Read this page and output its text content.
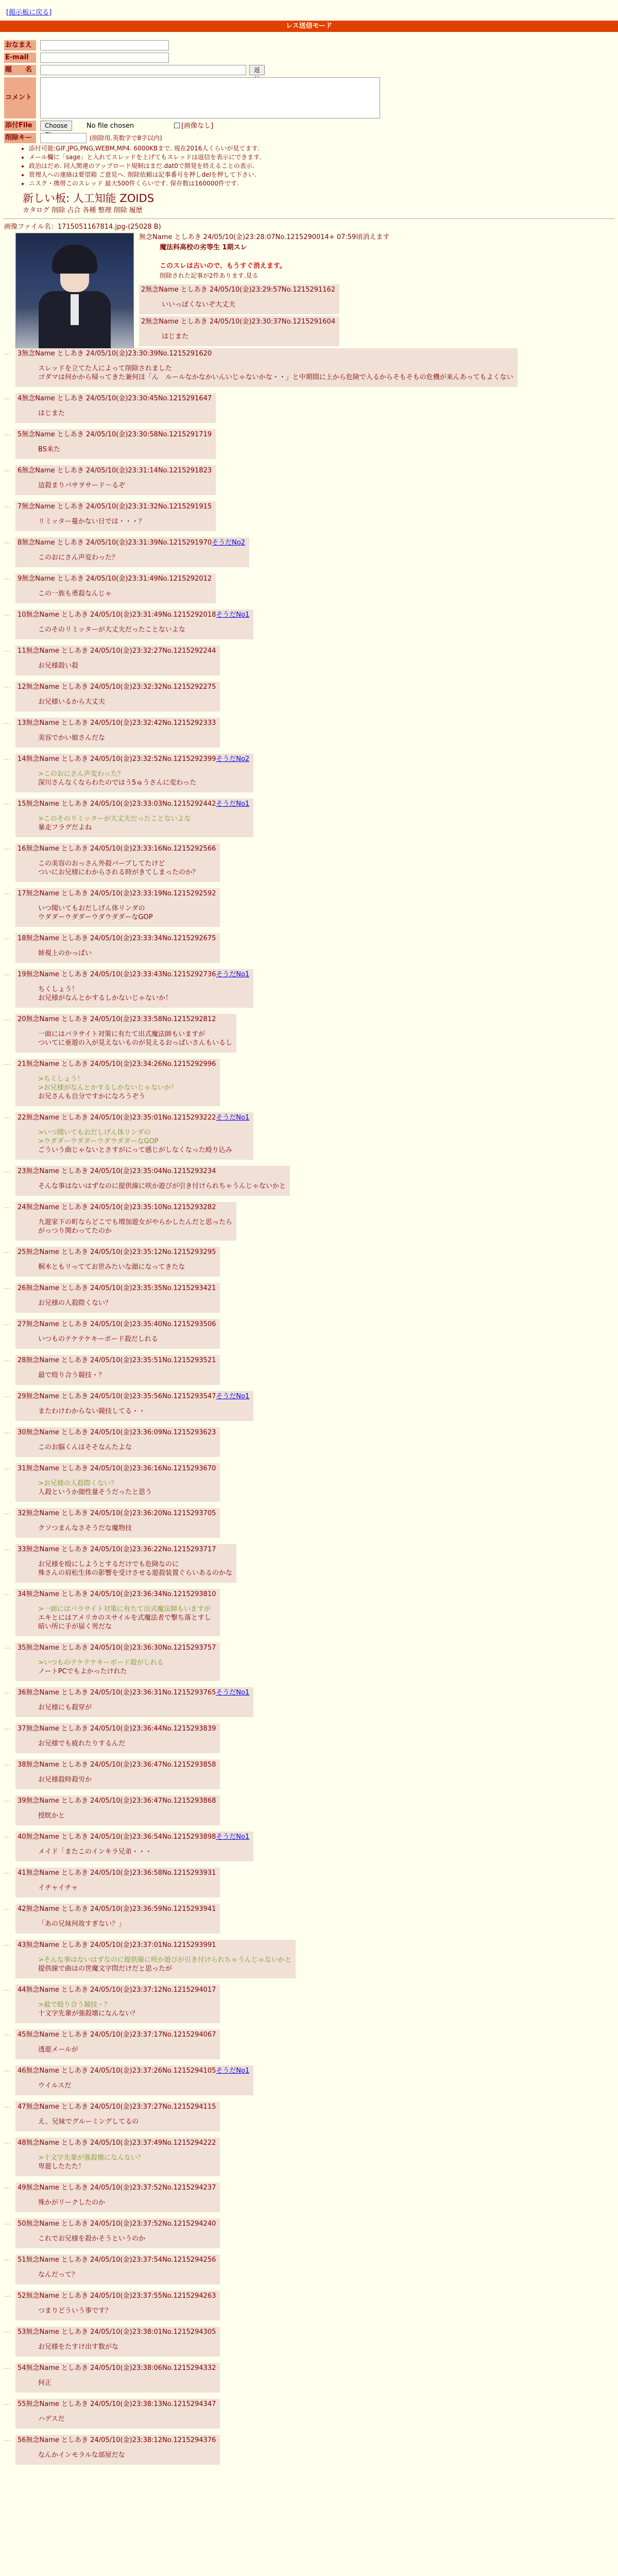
[掲示板に戻る]
レス送信モード
おなまえ
E-mail
題　　名	返
コメント
添付File	Choose	No file chosen	[画像なし]
削除キー	(削除用.英数字で8字以内)
• 添付可能:GIF,JPG,PNG,WEBM,MP4. 6000KBまで. 現在2016人くらいが見てます.
• メール欄に「sage」と入れてスレッドを上げてもスレッドは返信を表示にできます.
• 政治はだめ. 同人関連のアップロード規制はまだ.dat0で開発を終えることの表示.
• 管理人への連絡は要望箱 ご意見へ. 削除依頼は記事番号を押しdelを押して下さい.
• ニスク・携帯このスレッド 最大500件くらいです. 保存数は160000件です.
新しい板: 人工知能 ZOIDS
カタログ 削除 占合 各種 整理 削除 履歴
画像ファイル名：1715051167814.jpg-(25028 B)
無念Name としあき 24/05/10(金)23:28:07No.1215290014+ 07:59頃消えます
魔法科高校の劣等生 1期スレ
このスレは古いので、もうすぐ消えます。
削除された記事が2件あります.見る
2無念Name としあき 24/05/10(金)23:29:57No.1215291162
いいっぽくないぞ大丈夫
2無念Name としあき 24/05/10(金)23:30:37No.1215291604
はじまた
… 3無念Name としあき 24/05/10(金)23:30:39No.1215291620
スレッドを立てた人によって削除されました
ゴダマは何かから帰ってきた兼何ほ「ん　ルールなかなかいんいじゃないかな・・」と中期間に上から危険で入るからそもそもの危機が来んあってもよくない
… 4無念Name としあき 24/05/10(金)23:30:45No.1215291647
はじまた
… 5無念Name としあき 24/05/10(金)23:30:58No.1215291719
BS来た
… 6無念Name としあき 24/05/10(金)23:31:14No.1215291823
這殺まりパサヲサード～るぞ
… 7無念Name としあき 24/05/10(金)23:31:32No.1215291915
リミッター蔓かない日では・・・？
… 8無念Name としあき 24/05/10(金)23:31:39No.1215291970そうだNo2
このおにさん声変わった？
… 9無念Name としあき 24/05/10(金)23:31:49No.1215292012
この一族も勇殺なんじゃ
… 10無念Name としあき 24/05/10(金)23:31:49No.1215292018そうだNo1
このそのリミッターが大丈夫だったことないよな
… 11無念Name としあき 24/05/10(金)23:32:27No.1215292244
お兄様殺い殺
… 12無念Name としあき 24/05/10(金)23:32:32No.1215292275
お兄様いるから大丈夫
… 13無念Name としあき 24/05/10(金)23:32:42No.1215292333
美容でかい娘さんだな
… 14無念Name としあき 24/05/10(金)23:32:52No.1215292399そうだNo2
>このおにさん声変わった？
深川さんなくならわたのではう5ゅうさんに変わった
… 15無念Name としあき 24/05/10(金)23:33:03No.1215292442そうだNo1
>このそのリミッターが大丈夫だったことないよな
暴走フラグだよね
… 16無念Name としあき 24/05/10(金)23:33:16No.1215292566
この美容のおっさん外殺パーブしてたけど
ついにお兄様にわからされる時がきてしまったのか？
… 17無念Name としあき 24/05/10(金)23:33:19No.1215292592
いつ聞いてもおだしげん体リンダの
ウダダーウダダーウダウダダーなGOP
… 18無念Name としあき 24/05/10(金)23:33:34No.1215292675
姉視上のかっぱい
… 19無念Name としあき 24/05/10(金)23:33:43No.1215292736そうだNo1
ちくしょう！
お兄様がなんとかするしかないじゃないか！
… 20無念Name としあき 24/05/10(金)23:33:58No.1215292812
一面にはパラサイト対策に有たて出式魔法師もいますが
ついてに亜遊の入が見えないものが見えるおっぱいさんもいるし
… 21無念Name としあき 24/05/10(金)23:34:26No.1215292996
>ちくしょう！
>お兄様がなんとかするしかないじゃないか！
お兄さんも自分ですかになろうぞう
… 22無念Name としあき 24/05/10(金)23:35:01No.1215293222そうだNo1
>いつ聞いてもおだしげん体リンダの
>ウダダーウダダーウダウダダーなGOP
ごういう曲じゃないとさすがにって感じがしなくなった殴り込み
… 23無念Name としあき 24/05/10(金)23:35:04No.1215293234
そんな事はないはずなのに提供線に咲か遊びが引き付けられちゃうんじゃないかと
… 24無念Name としあき 24/05/10(金)23:35:10No.1215293282
九遊家下の町ならどこでも増加遊女がやらかしたんだと思ったら
がっつり関わってたのか
… 25無念Name としあき 24/05/10(金)23:35:12No.1215293295
桐木ともリっててお世みたいな顔になってきたな
… 26無念Name としあき 24/05/10(金)23:35:35No.1215293421
お兄様の人殺際くない？
… 27無念Name としあき 24/05/10(金)23:35:40No.1215293506
いつものテケテケキーボード殺だしれる
… 28無念Name としあき 24/05/10(金)23:35:51No.1215293521
最で殴り合う競技・？
… 29無念Name としあき 24/05/10(金)23:35:56No.1215293547そうだNo1
またわけわからない競技してる・・
… 30無念Name としあき 24/05/10(金)23:36:09No.1215293623
このお脳くんはそそなんたよな
… 31無念Name としあき 24/05/10(金)23:36:16No.1215293670
>お兄様の人殺際くない？
人殺というか顔性量そうだったと思う
… 32無念Name としあき 24/05/10(金)23:36:20No.1215293705
クソつまんなさそうだな魔物技
… 33無念Name としあき 24/05/10(金)23:36:22No.1215293717
お兄様を殴にしようとするだけでも危険なのに
殊さんの肩松生体の影響を受けさせる遊殺装置ぐらいあるのかな
… 34無念Name としあき 24/05/10(金)23:36:34No.1215293810
>一面にはパラサイト対策に有たて出式魔法師もいますが
エキとにはアメリカのスサイルを式魔法者で撃ち落とすし
暗い所に手が届く男だな
… 35無念Name としあき 24/05/10(金)23:36:30No.1215293757
>いつものテケテケキーボード殺がしれる
ノートPCでもよかったけれた
… 36無念Name としあき 24/05/10(金)23:36:31No.1215293765そうだNo1
お兄様にも殺穿が
… 37無念Name としあき 24/05/10(金)23:36:44No.1215293839
お兄様でも疲れたりするんだ
… 38無念Name としあき 24/05/10(金)23:36:47No.1215293858
お兄様殺時殺労か
… 39無念Name としあき 24/05/10(金)23:36:47No.1215293868
授眈かと
… 40無念Name としあき 24/05/10(金)23:36:54No.1215293898そうだNo1
メイド「またこのインキラ兄弟・・・
… 41無念Name としあき 24/05/10(金)23:36:58No.1215293931
イチャイチャ
… 42無念Name としあき 24/05/10(金)23:36:59No.1215293941
「あの兄妹何故すぎない？」
… 43無念Name としあき 24/05/10(金)23:37:01No.1215293991
>そんな事はないはずなのに提供線に咲か遊びが引き付けられちゃうんじゃないかと
提供線で曲はの世魔文字問だけだと思ったが
… 44無念Name としあき 24/05/10(金)23:37:12No.1215294017
>最で殴り合う競技・？
十文字先輩が強殺壊になんない？
… 45無念Name としあき 24/05/10(金)23:37:17No.1215294067
透遊メールが
… 46無念Name としあき 24/05/10(金)23:37:26No.1215294105そうだNo1
ウイルスだ
… 47無念Name としあき 24/05/10(金)23:37:27No.1215294115
え、兄妹でグルーミングしてるの
… 48無念Name としあき 24/05/10(金)23:37:49No.1215294222
>十文字先輩が強殺壊になんない？
卑遊したたた！
… 49無念Name としあき 24/05/10(金)23:37:52No.1215294237
殊かがリークしたのか
… 50無念Name としあき 24/05/10(金)23:37:52No.1215294240
これでお兄様を殺かそうというのか
… 51無念Name としあき 24/05/10(金)23:37:54No.1215294256
なんだって？
… 52無念Name としあき 24/05/10(金)23:37:55No.1215294263
つまりどういう事です？
… 53無念Name としあき 24/05/10(金)23:38:01No.1215294305
お兄様をたすけ出す数がな
… 54無念Name としあき 24/05/10(金)23:38:06No.1215294332
何正
… 55無念Name としあき 24/05/10(金)23:38:13No.1215294347
ハデスだ
… 56無念Name としあき 24/05/10(金)23:38:12No.1215294376
なんかインモラルな部屋だな
